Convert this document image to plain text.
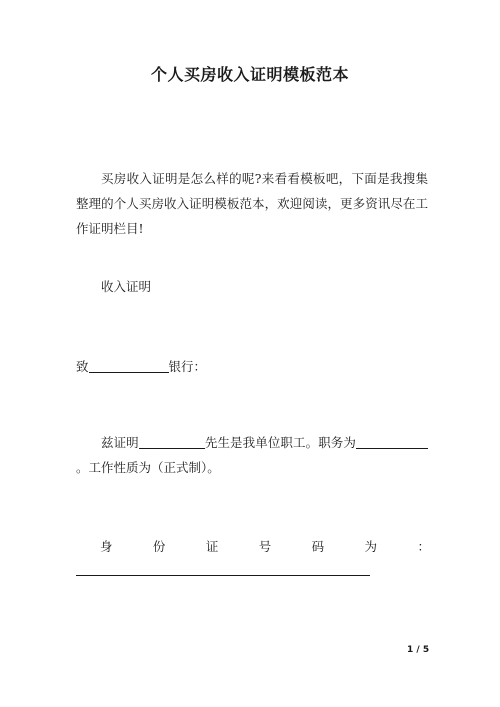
个人买房收入证明模板范本

买房收入证明是怎么样的呢?来看看模板吧，下面是我搜集整理的个人买房收入证明模板范本，欢迎阅读，更多资讯尽在工作证明栏目!

收入证明

致	银行：

兹证明	先生是我单位职工。职务为。工作性质为（正式制）。

身	份	证	号	码	为	：
1 / 5
